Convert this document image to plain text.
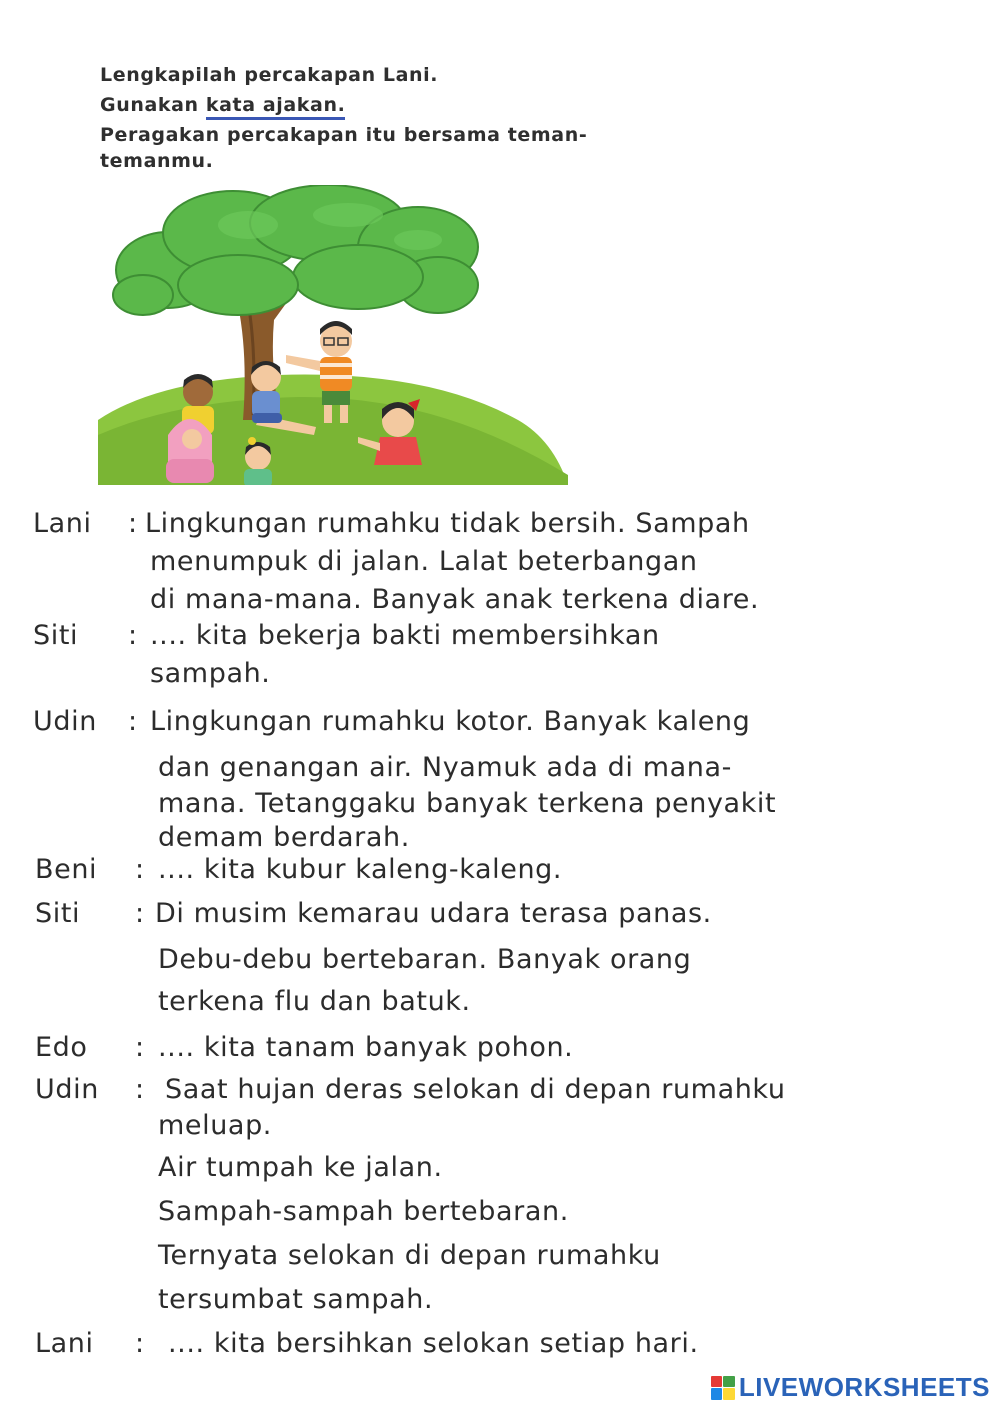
Lengkapilah percakapan Lani.
Gunakan kata ajakan.
Peragakan percakapan itu bersama teman-
temanmu.
Lani : Lingkungan rumahku tidak bersih. Sampah
menumpuk di jalan. Lalat beterbangan
di mana-mana. Banyak anak terkena diare.
Siti : .... kita bekerja bakti membersihkan
sampah.
Udin : Lingkungan rumahku kotor. Banyak kaleng
dan genangan air. Nyamuk ada di mana-
mana. Tetanggaku banyak terkena penyakit
demam berdarah.
Beni : .... kita kubur kaleng-kaleng.
Siti : Di musim kemarau udara terasa panas.
Debu-debu bertebaran. Banyak orang
terkena flu dan batuk.
Edo : .... kita tanam banyak pohon.
Udin : Saat hujan deras selokan di depan rumahku
meluap.
Air tumpah ke jalan.
Sampah-sampah bertebaran.
Ternyata selokan di depan rumahku
tersumbat sampah.
Lani : .... kita bersihkan selokan setiap hari.
LIVEWORKSHEETS
